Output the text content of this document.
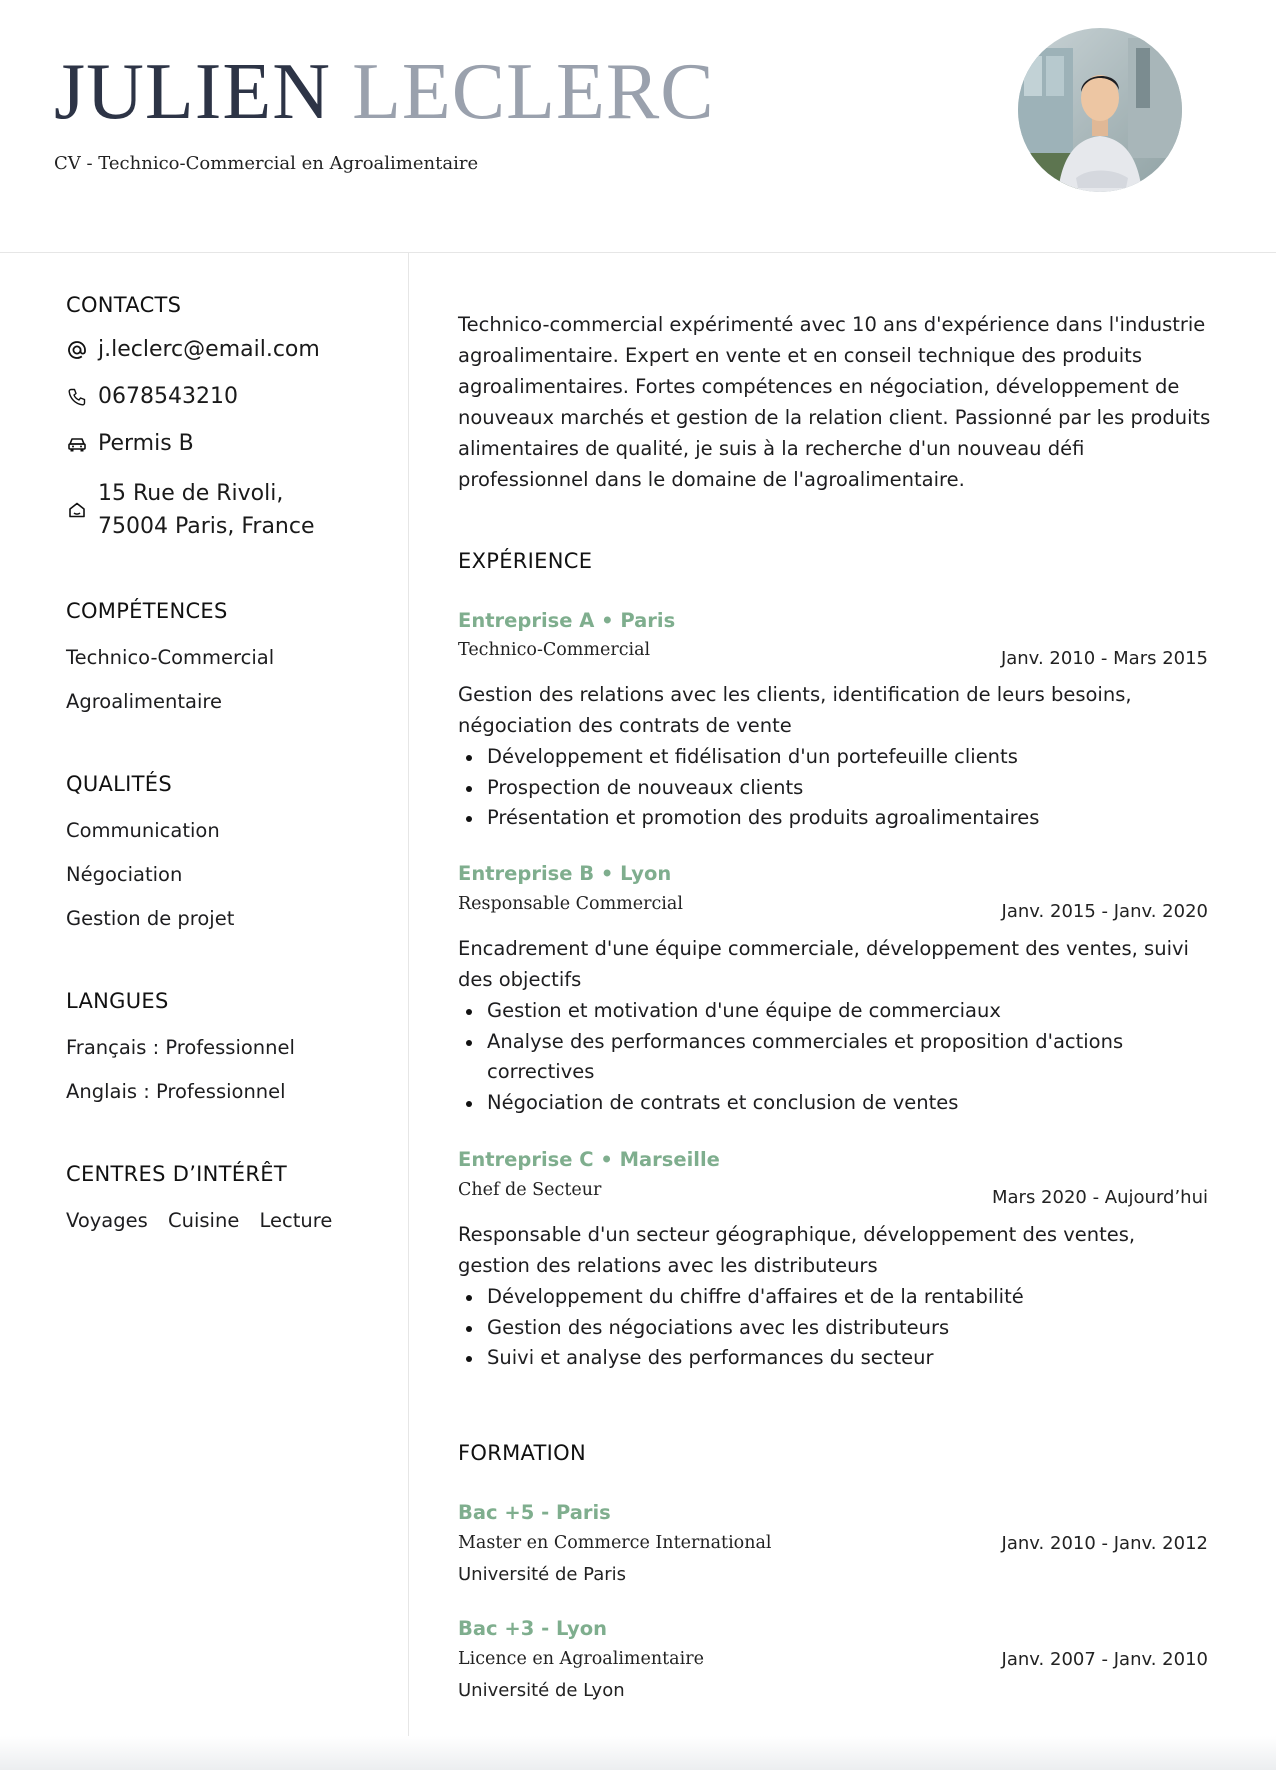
JULIEN LECLERC
CV - Technico-Commercial en Agroalimentaire
CONTACTS
j.leclerc@email.com
0678543210
Permis B
15 Rue de Rivoli, 75004 Paris, France
COMPÉTENCES
Technico-Commercial
Agroalimentaire
QUALITÉS
Communication
Négociation
Gestion de projet
LANGUES
Français : Professionnel
Anglais : Professionnel
CENTRES D’INTÉRÊT
Voyages Cuisine Lecture
Technico-commercial expérimenté avec 10 ans d'expérience dans l'industrie agroalimentaire. Expert en vente et en conseil technique des produits agroalimentaires. Fortes compétences en négociation, développement de nouveaux marchés et gestion de la relation client. Passionné par les produits alimentaires de qualité, je suis à la recherche d'un nouveau défi professionnel dans le domaine de l'agroalimentaire.
EXPÉRIENCE
Entreprise A • Paris
Technico-Commercial	Janv. 2010 - Mars 2015
Gestion des relations avec les clients, identification de leurs besoins, négociation des contrats de vente
Développement et fidélisation d'un portefeuille clients
Prospection de nouveaux clients
Présentation et promotion des produits agroalimentaires
Entreprise B • Lyon
Responsable Commercial	Janv. 2015 - Janv. 2020
Encadrement d'une équipe commerciale, développement des ventes, suivi des objectifs
Gestion et motivation d'une équipe de commerciaux
Analyse des performances commerciales et proposition d'actions correctives
Négociation de contrats et conclusion de ventes
Entreprise C • Marseille
Chef de Secteur	Mars 2020 - Aujourd’hui
Responsable d'un secteur géographique, développement des ventes, gestion des relations avec les distributeurs
Développement du chiffre d'affaires et de la rentabilité
Gestion des négociations avec les distributeurs
Suivi et analyse des performances du secteur
FORMATION
Bac +5 - Paris
Master en Commerce International	Janv. 2010 - Janv. 2012
Université de Paris
Bac +3 - Lyon
Licence en Agroalimentaire	Janv. 2007 - Janv. 2010
Université de Lyon
